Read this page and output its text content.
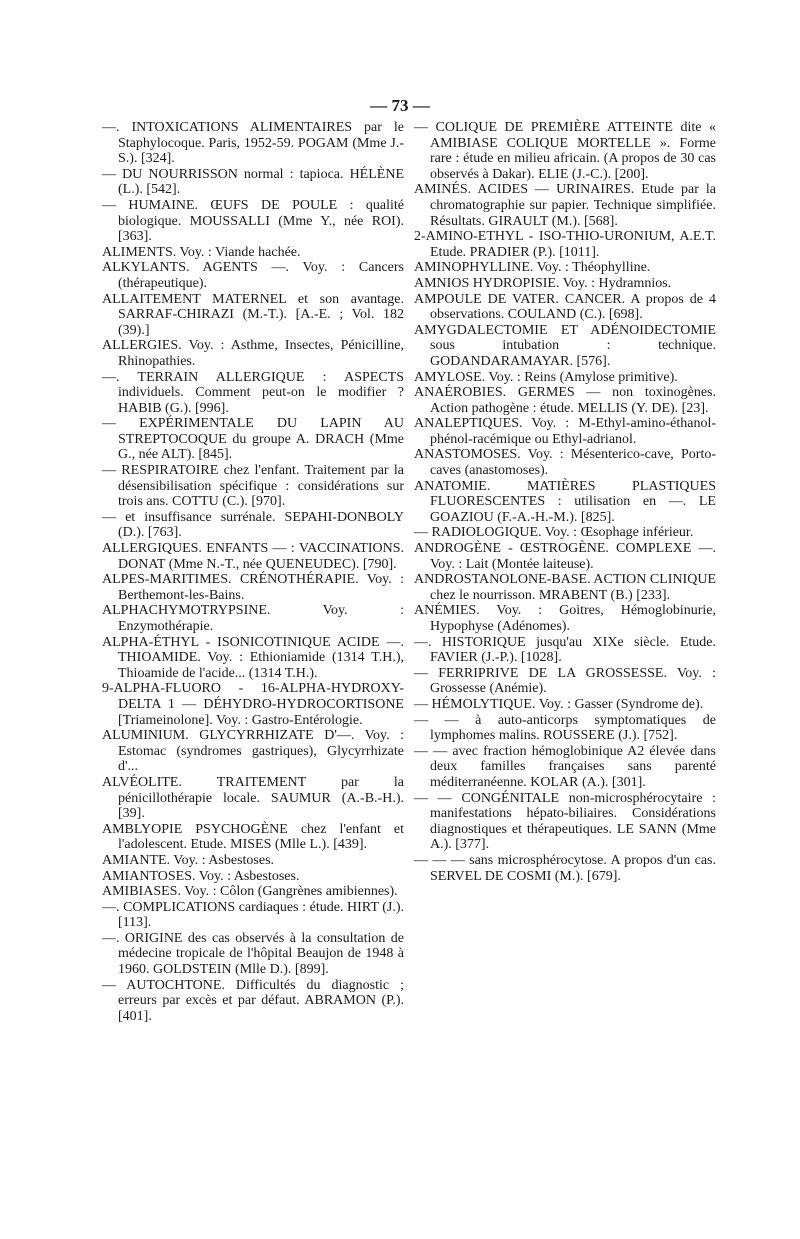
— 73 —

—. INTOXICATIONS ALIMENTAIRES par le Staphylocoque. Paris, 1952-59. POGAM (Mme J.-S.). [324].

— DU NOURRISSON normal : tapioca. HÉLÈNE (L.). [542].

— HUMAINE. ŒUFS DE POULE : qualité biologique. MOUSSALLI (Mme Y., née ROI). [363].

ALIMENTS. Voy. : Viande hachée.

ALKYLANTS. AGENTS —. Voy. : Cancers (thérapeutique).

ALLAITEMENT MATERNEL et son avantage. SARRAF-CHIRAZI (M.-T.). [A.-E. ; Vol. 182 (39).]

ALLERGIES. Voy. : Asthme, Insectes, Pénicilline, Rhinopathies.

—. TERRAIN ALLERGIQUE : ASPECTS individuels. Comment peut-on le modifier ? HABIB (G.). [996].

— EXPÉRIMENTALE DU LAPIN AU STREPTOCOQUE du groupe A. DRACH (Mme G., née ALT). [845].

— RESPIRATOIRE chez l'enfant. Traitement par la désensibilisation spécifique : considérations sur trois ans. COTTU (C.). [970].

— et insuffisance surrénale. SEPAHI-DONBOLY (D.). [763].

ALLERGIQUES. ENFANTS — : VACCINATIONS. DONAT (Mme N.-T., née QUENEUDEC). [790].

ALPES-MARITIMES. CRÉNOTHÉRAPIE. Voy. : Berthemont-les-Bains.

ALPHACHYMOTRYPSINE. Voy. : Enzymothérapie.

ALPHA-ÉTHYL - ISONICOTINIQUE ACIDE —. THIOAMIDE. Voy. : Ethioniamide (1314 T.H.), Thioamide de l'acide... (1314 T.H.).

9-ALPHA-FLUORO - 16-ALPHA-HYDROXY-DELTA 1 — DÉHYDRO-HYDROCORTISONE [Triameinolone]. Voy. : Gastro-Entérologie.

ALUMINIUM. GLYCYRRHIZATE D'—. Voy. : Estomac (syndromes gastriques), Glycyrrhizate d'...

ALVÉOLITE. TRAITEMENT par la pénicillothérapie locale. SAUMUR (A.-B.-H.). [39].

AMBLYOPIE PSYCHOGÈNE chez l'enfant et l'adolescent. Etude. MISES (Mlle L.). [439].

AMIANTE. Voy. : Asbestoses.

AMIANTOSES. Voy. : Asbestoses.

AMIBIASES. Voy. : Côlon (Gangrènes amibiennes).

—. COMPLICATIONS cardiaques : étude. HIRT (J.). [113].

—. ORIGINE des cas observés à la consultation de médecine tropicale de l'hôpital Beaujon de 1948 à 1960. GOLDSTEIN (Mlle D.). [899].

— AUTOCHTONE. Difficultés du diagnostic ; erreurs par excès et par défaut. ABRAMON (P.). [401].

— COLIQUE DE PREMIÈRE ATTEINTE dite « AMIBIASE COLIQUE MORTELLE ». Forme rare : étude en milieu africain. (A propos de 30 cas observés à Dakar). ELIE (J.-C.). [200].

AMINÉS. ACIDES — URINAIRES. Etude par la chromatographie sur papier. Technique simplifiée. Résultats. GIRAULT (M.). [568].

2-AMINO-ETHYL - ISO-THIO-URONIUM, A.E.T. Etude. PRADIER (P.). [1011].

AMINOPHYLLINE. Voy. : Théophylline.

AMNIOS HYDROPISIE. Voy. : Hydramnios.

AMPOULE DE VATER. CANCER. A propos de 4 observations. COULAND (C.). [698].

AMYGDALECTOMIE ET ADÉNOIDECTOMIE sous intubation : technique. GODANDARAMAYAR. [576].

AMYLOSE. Voy. : Reins (Amylose primitive).

ANAÉROBIES. GERMES — non toxinogènes. Action pathogène : étude. MELLIS (Y. DE). [23].

ANALEPTIQUES. Voy. : M-Ethyl-amino-éthanol-phénol-racémique ou Ethyl-adrianol.

ANASTOMOSES. Voy. : Mésenterico-cave, Porto-caves (anastomoses).

ANATOMIE. MATIÈRES PLASTIQUES FLUORESCENTES : utilisation en —. LE GOAZIOU (F.-A.-H.-M.). [825].

— RADIOLOGIQUE. Voy. : Œsophage inférieur.

ANDROGÈNE - ŒSTROGÈNE. COMPLEXE —. Voy. : Lait (Montée laiteuse).

ANDROSTANOLONE-BASE. ACTION CLINIQUE chez le nourrisson. MRABENT (B.) [233].

ANÉMIES. Voy. : Goitres, Hémoglobinurie, Hypophyse (Adénomes).

—. HISTORIQUE jusqu'au XIXe siècle. Etude. FAVIER (J.-P.). [1028].

— FERRIPRIVE DE LA GROSSESSE. Voy. : Grossesse (Anémie).

— HÉMOLYTIQUE. Voy. : Gasser (Syndrome de).

— — à auto-anticorps symptomatiques de lymphomes malins. ROUSSERE (J.). [752].

— — avec fraction hémoglobinique A2 élevée dans deux familles françaises sans parenté méditerranéenne. KOLAR (A.). [301].

— — CONGÉNITALE non-microsphérocytaire : manifestations hépato-biliaires. Considérations diagnostiques et thérapeutiques. LE SANN (Mme A.). [377].

— — — sans microsphérocytose. A propos d'un cas. SERVEL DE COSMI (M.). [679].
